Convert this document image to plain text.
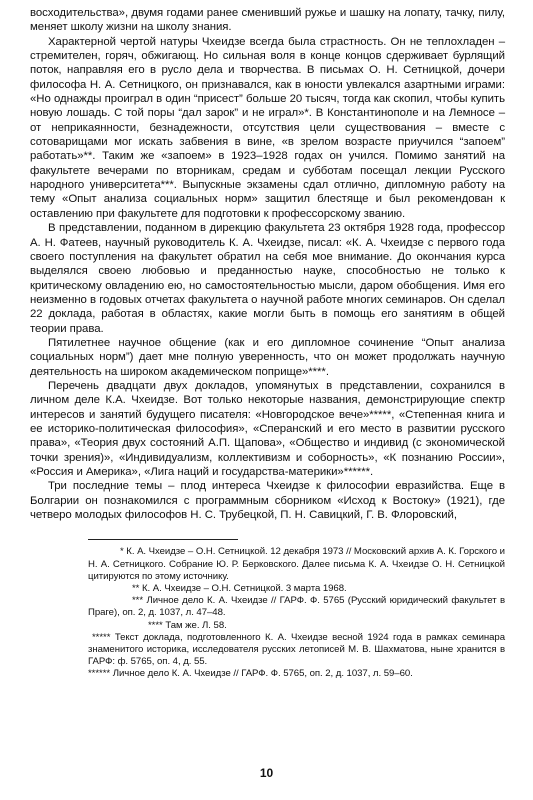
восходительства», двумя годами ранее сменивший ружье и шашку на лопату, тачку, пилу, меняет школу жизни на школу знания.

Характерной чертой натуры Чхеидзе всегда была страстность. Он не теплохладен – стремителен, горяч, обжигающ. Но сильная воля в конце концов сдерживает бурлящий поток, направляя его в русло дела и творчества. В письмах О. Н. Сетницкой, дочери философа Н. А. Сетницкого, он признавался, как в юности увлекался азартными играми: «Но однажды проиграл в один “присест” больше 20 тысяч, тогда как скопил, чтобы купить новую лошадь. С той поры “дал зарок” и не играл»*. В Константинополе и на Лемносе – от неприкаянности, безнадежности, отсутствия цели существования – вместе с сотоварищами мог искать забвения в вине, «в зрелом возрасте приучился “запоем” работать»**. Таким же «запоем» в 1923–1928 годах он учился. Помимо занятий на факультете вечерами по вторникам, средам и субботам посещал лекции Русского народного университета***. Выпускные экзамены сдал отлично, дипломную работу на тему «Опыт анализа социальных норм» защитил блестяще и был рекомендован к оставлению при факультете для подготовки к профессорскому званию.

В представлении, поданном в дирекцию факультета 23 октября 1928 года, профессор А. Н. Фатеев, научный руководитель К. А. Чхеидзе, писал: «К. А. Чхеидзе с первого года своего поступления на факультет обратил на себя мое внимание. До окончания курса выделялся своею любовью и преданностью науке, способностью не только к критическому овладению ею, но самостоятельностью мысли, даром обобщения. Имя его неизменно в годовых отчетах факультета о научной работе многих семинаров. Он сделал 22 доклада, работая в областях, какие могли быть в помощь его занятиям в общей теории права.

Пятилетнее научное общение (как и его дипломное сочинение “Опыт анализа социальных норм”) дает мне полную уверенность, что он может продолжать научную деятельность на широком академическом поприще»****.

Перечень двадцати двух докладов, упомянутых в представлении, сохранился в личном деле К.А. Чхеидзе. Вот только некоторые названия, демонстрирующие спектр интересов и занятий будущего писателя: «Новгородское вече»*****, «Степенная книга и ее историко-политическая философия», «Сперанский и его место в развитии русского права», «Теория двух состояний А.П. Щапова», «Общество и индивид (с экономической точки зрения)», «Индивидуализм, коллективизм и соборность», «К познанию России», «Россия и Америка», «Лига наций и государства-материки»******.

Три последние темы – плод интереса Чхеидзе к философии евразийства. Еще в Болгарии он познакомился с программным сборником «Исход к Востоку» (1921), где четверо молодых философов Н. С. Трубецкой, П. Н. Савицкий, Г. В. Флоровский,

* К. А. Чхеидзе – О.Н. Сетницкой. 12 декабря 1973 // Московский архив А. К. Горского и Н. А. Сетницкого. Собрание Ю. Р. Берковского. Далее письма К. А. Чхеидзе О. Н. Сетницкой цитируются по этому источнику.

** К. А. Чхеидзе – О.Н. Сетницкой. 3 марта 1968.

*** Личное дело К. А. Чхеидзе // ГАРФ. Ф. 5765 (Русский юридический факультет в Праге), оп. 2, д. 1037, л. 47–48.

**** Там же. Л. 58.

***** Текст доклада, подготовленного К. А. Чхеидзе весной 1924 года в рамках семинара знаменитого историка, исследователя русских летописей М. В. Шахматова, ныне хранится в ГАРФ: ф. 5765, оп. 4, д. 55.

****** Личное дело К. А. Чхеидзе // ГАРФ. Ф. 5765, оп. 2, д. 1037, л. 59–60.

10
